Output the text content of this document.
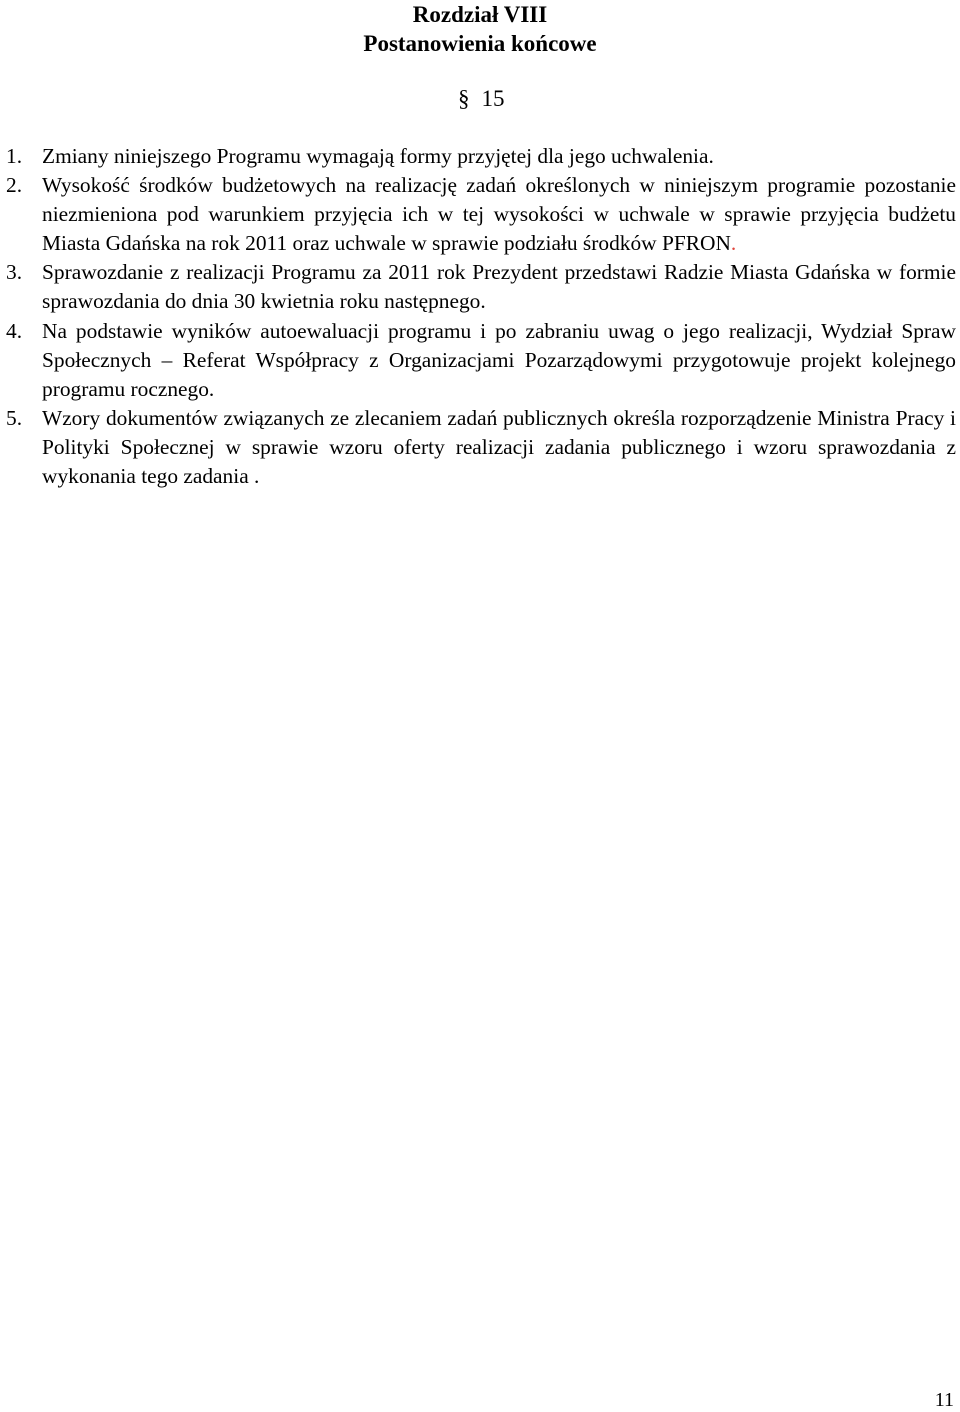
Rozdział VIII
Postanowienia końcowe
§ 15
1. Zmiany niniejszego Programu wymagają formy przyjętej dla jego uchwalenia.
2. Wysokość środków budżetowych na realizację zadań określonych w niniejszym programie pozostanie niezmieniona pod warunkiem przyjęcia ich w tej wysokości w uchwale w sprawie przyjęcia budżetu Miasta Gdańska na rok 2011 oraz uchwale w sprawie podziału środków PFRON.
3. Sprawozdanie z realizacji Programu za 2011 rok Prezydent przedstawi Radzie Miasta Gdańska w formie sprawozdania do dnia 30 kwietnia roku następnego.
4. Na podstawie wyników autoewaluacji programu i po zabraniu uwag o jego realizacji, Wydział Spraw Społecznych – Referat Współpracy z Organizacjami Pozarządowymi przygotowuje projekt kolejnego programu rocznego.
5. Wzory dokumentów związanych ze zlecaniem zadań publicznych określa rozporządzenie Ministra Pracy i Polityki Społecznej w sprawie wzoru oferty realizacji zadania publicznego i wzoru sprawozdania z wykonania tego zadania .
11
